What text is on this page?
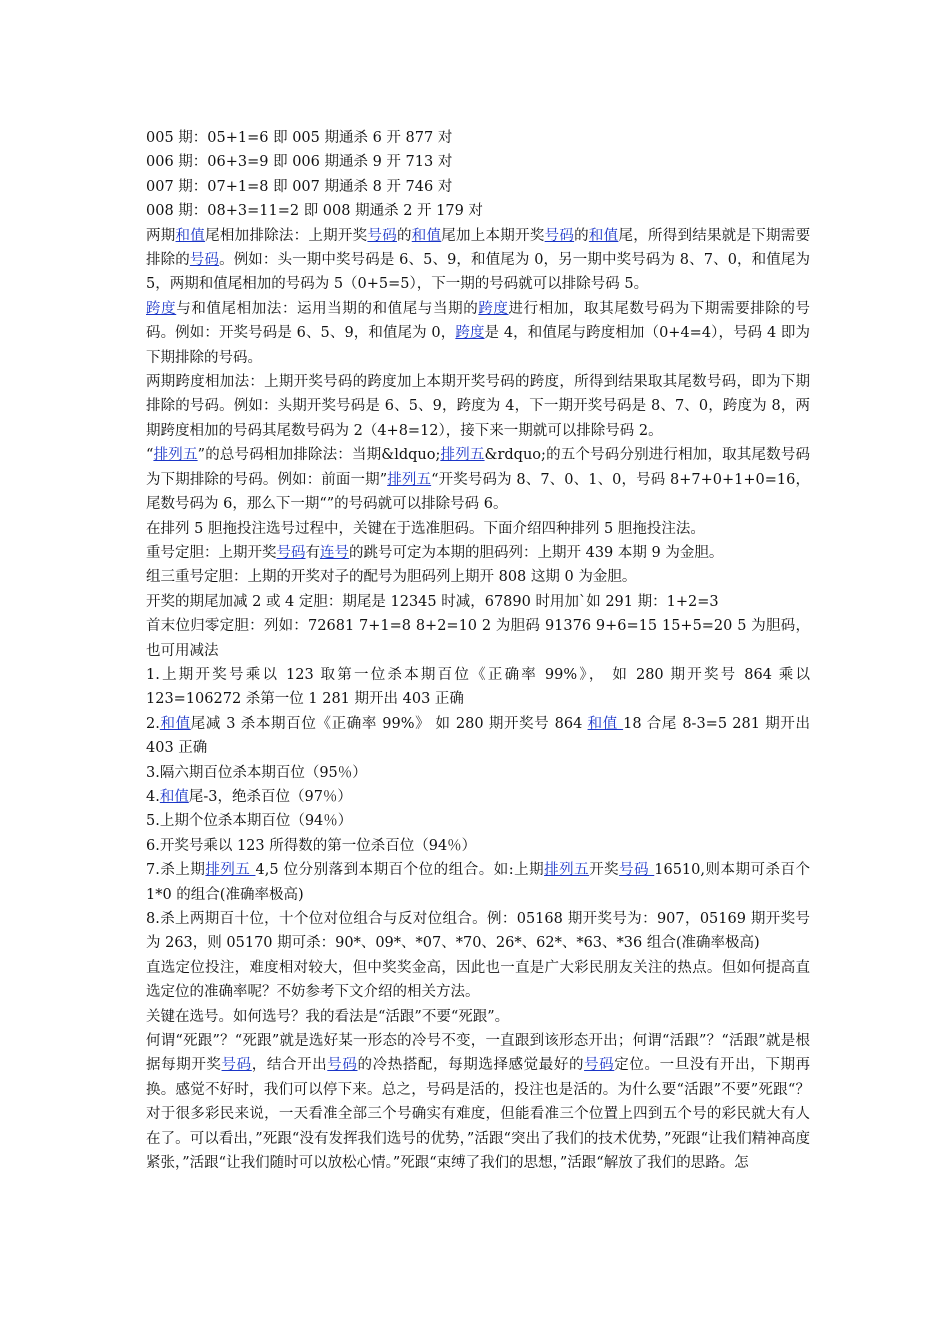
005 期：05+1=6 即 005 期通杀 6 开 877 对

006 期：06+3=9 即 006 期通杀 9 开 713 对

007 期：07+1=8 即 007 期通杀 8 开 746 对

008 期：08+3=11=2 即 008 期通杀 2 开 179 对

两期和值尾相加排除法：上期开奖号码的和值尾加上本期开奖号码的和值尾，所得到结果就是下期需要排除的号码。例如：头一期中奖号码是 6、5、9，和值尾为 0，另一期中奖号码为 8、7、0，和值尾为 5，两期和值尾相加的号码为 5（0+5=5），下一期的号码就可以排除号码 5。

跨度与和值尾相加法：运用当期的和值尾与当期的跨度进行相加，取其尾数号码为下期需要排除的号码。例如：开奖号码是 6、5、9，和值尾为 0，跨度是 4，和值尾与跨度相加（0+4=4），号码 4 即为下期排除的号码。

两期跨度相加法：上期开奖号码的跨度加上本期开奖号码的跨度，所得到结果取其尾数号码，即为下期排除的号码。例如：头期开奖号码是 6、5、9，跨度为 4，下一期开奖号码是 8、7、0，跨度为 8，两期跨度相加的号码其尾数号码为 2（4+8=12），接下来一期就可以排除号码 2。

“排列五”的总号码相加排除法：当期&ldquo;排列五&rdquo;的五个号码分别进行相加，取其尾数号码为下期排除的号码。例如：前面一期”排列五“开奖号码为 8、7、0、1、0，号码 8+7+0+1+0=16，尾数号码为 6，那么下一期“”的号码就可以排除号码 6。

在排列 5 胆拖投注选号过程中，关键在于选准胆码。下面介绍四种排列 5 胆拖投注法。

重号定胆：上期开奖号码有连号的跳号可定为本期的胆码列：上期开 439 本期 9 为金胆。

组三重号定胆：上期的开奖对子的配号为胆码列上期开 808 这期 0 为金胆。

开奖的期尾加减 2 或 4 定胆：期尾是 12345 时减，67890 时用加`如 291 期：1+2=3

首末位归零定胆：列如：72681 7+1=8 8+2=10 2 为胆码 91376 9+6=15 15+5=20 5 为胆码，也可用减法

1.上期开奖号乘以 123 取第一位杀本期百位《正确率 99%》， 如 280 期开奖号 864 乘以 123=106272 杀第一位 1 281 期开出 403 正确

2.和值尾减 3 杀本期百位《正确率 99%》 如 280 期开奖号 864 和值 18 合尾 8-3=5 281 期开出 403 正确

3.隔六期百位杀本期百位（95％）

4.和值尾-3，绝杀百位（97％）

5.上期个位杀本期百位（94％）

6.开奖号乘以 123 所得数的第一位杀百位（94％）

7.杀上期排列五 4,5 位分别落到本期百个位的组合。如:上期排列五开奖号码 16510,则本期可杀百个 1*0 的组合(准确率极高)

8.杀上两期百十位，十个位对位组合与反对位组合。例：05168 期开奖号为：907，05169 期开奖号为 263，则 05170 期可杀：90*、09*、*07、*70、26*、62*、*63、*36 组合(准确率极高)

直选定位投注，难度相对较大，但中奖奖金高，因此也一直是广大彩民朋友关注的热点。但如何提高直选定位的准确率呢？不妨参考下文介绍的相关方法。

关键在选号。如何选号？我的看法是“活跟”不要“死跟”。

何谓“死跟”？“死跟”就是选好某一形态的冷号不变，一直跟到该形态开出；何谓“活跟”？“活跟”就是根据每期开奖号码，结合开出号码的冷热搭配，每期选择感觉最好的号码定位。一旦没有开出，下期再换。感觉不好时，我们可以停下来。总之，号码是活的，投注也是活的。为什么要“活跟”不要”死跟“？对于很多彩民来说，一天看准全部三个号确实有难度，但能看准三个位置上四到五个号的彩民就大有人在了。可以看出，”死跟“没有发挥我们选号的优势，”活跟“突出了我们的技术优势，”死跟“让我们精神高度紧张，”活跟“让我们随时可以放松心情。”死跟“束缚了我们的思想，”活跟“解放了我们的思路。怎
